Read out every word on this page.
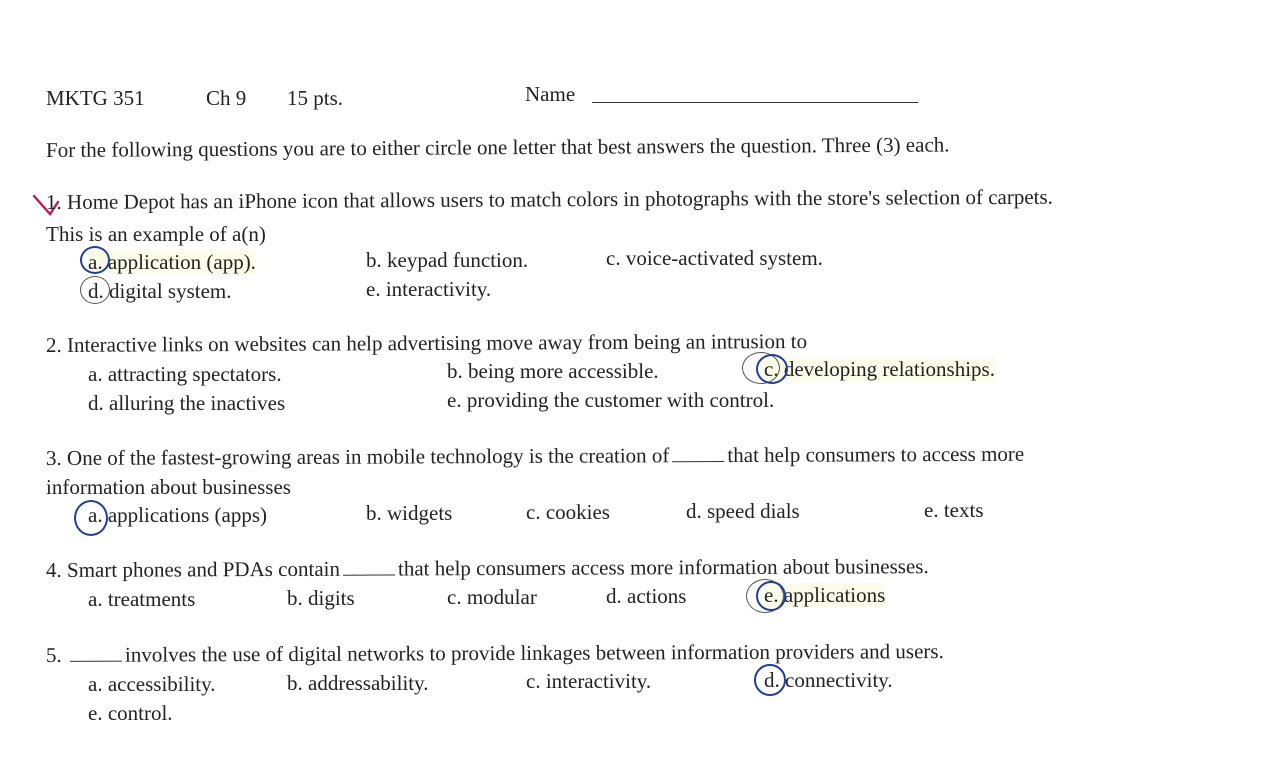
MKTG 351	Ch 9 15 pts.	Name
For the following questions you are to either circle one letter that best answers the question. Three (3) each.
1. Home Depot has an iPhone icon that allows users to match colors in photographs with the store's selection of carpets.
This is an example of a(n)
a. application (app).	b. keypad function.	c. voice-activated system.
d. digital system.	e. interactivity.
2. Interactive links on websites can help advertising move away from being an intrusion to
a. attracting spectators.	b. being more accessible.	c. developing relationships.
d. alluring the inactives	e. providing the customer with control.
3. One of the fastest-growing areas in mobile technology is the creation of	that help consumers to access more
information about businesses
a. applications (apps)	b. widgets	c. cookies	d. speed dials	e. texts
4. Smart phones and PDAs contain	that help consumers access more information about businesses.
a. treatments	b. digits	c. modular	d. actions	e. applications
5.	involves the use of digital networks to provide linkages between information providers and users.
a. accessibility.	b. addressability.	c. interactivity.	d. connectivity.
e. control.
